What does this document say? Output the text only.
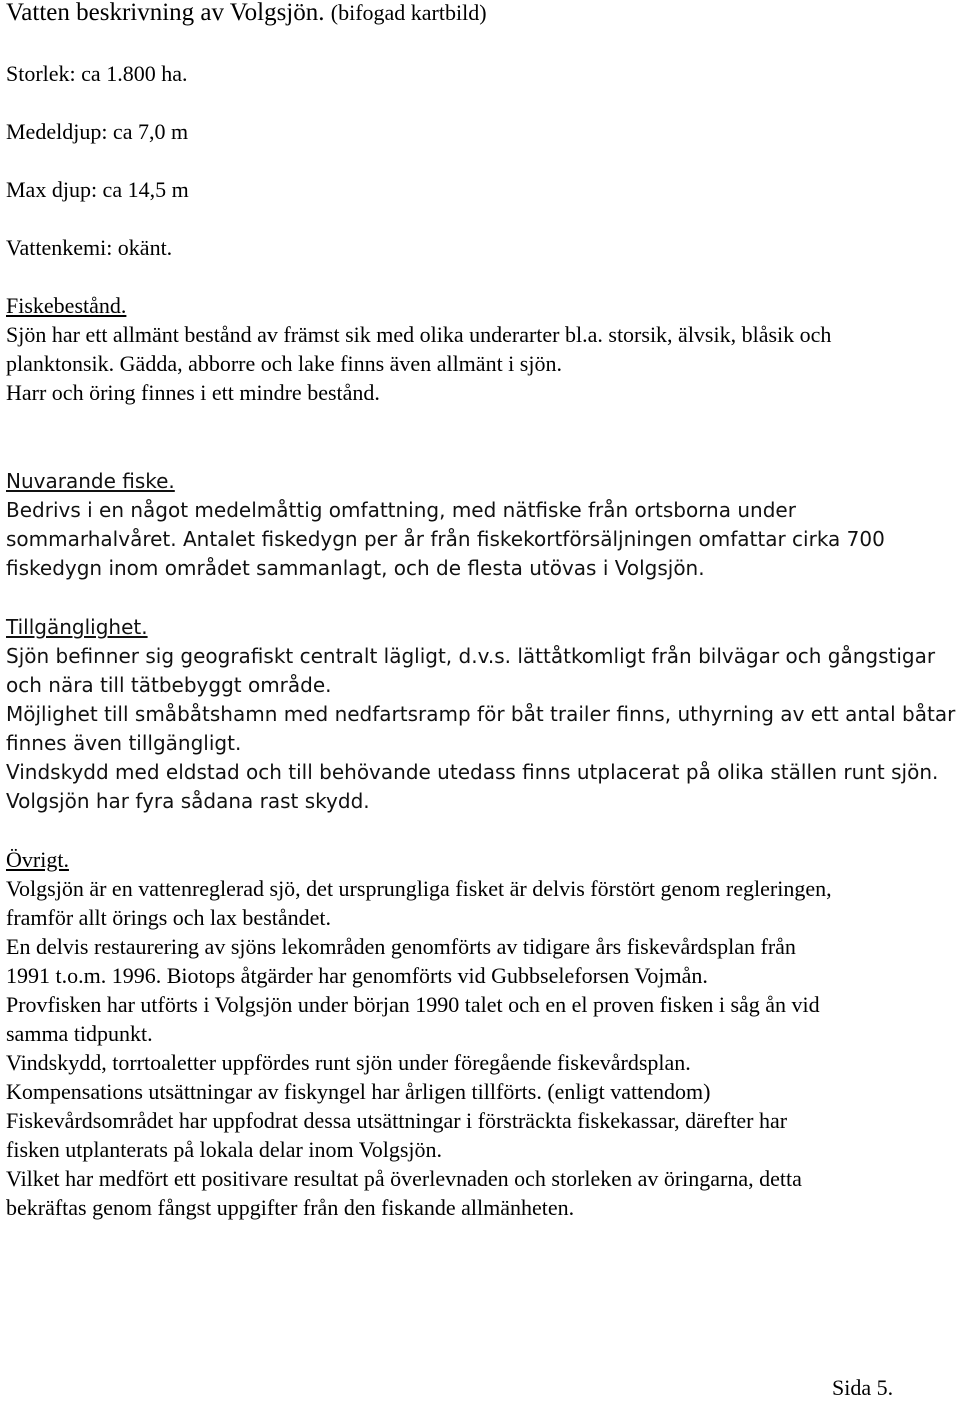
Vatten beskrivning av Volgsjön. (bifogad kartbild)
Storlek: ca 1.800 ha.
Medeldjup: ca 7,0 m
Max djup: ca 14,5 m
Vattenkemi: okänt.
Fiskebestånd.
Sjön har ett allmänt bestånd av främst sik med olika underarter bl.a. storsik, älvsik, blåsik och
planktonsik. Gädda, abborre och lake finns även allmänt i sjön.
Harr och öring finnes i ett mindre bestånd.
Nuvarande fiske.
Bedrivs i en något medelmåttig omfattning, med nätfiske från ortsborna under
sommarhalvåret. Antalet fiskedygn per år från fiskekortförsäljningen omfattar cirka 700
fiskedygn inom området sammanlagt, och de flesta utövas i Volgsjön.
Tillgänglighet.
Sjön befinner sig geografiskt centralt lägligt, d.v.s. lättåtkomligt från bilvägar och gångstigar
och nära till tätbebyggt område.
Möjlighet till småbåtshamn med nedfartsramp för båt trailer finns, uthyrning av ett antal båtar
finnes även tillgängligt.
Vindskydd med eldstad och till behövande utedass finns utplacerat på olika ställen runt sjön.
Volgsjön har fyra sådana rast skydd.
Övrigt.
Volgsjön är en vattenreglerad sjö, det ursprungliga fisket är delvis förstört genom regleringen,
framför allt örings och lax beståndet.
En delvis restaurering av sjöns lekområden genomförts av tidigare års fiskevårdsplan från
1991 t.o.m. 1996. Biotops åtgärder har genomförts vid Gubbseleforsen Vojmån.
Provfisken har utförts i Volgsjön under början 1990 talet och en el proven fisken i såg ån vid
samma tidpunkt.
Vindskydd, torrtoaletter uppfördes runt sjön under föregående fiskevårdsplan.
Kompensations utsättningar av fiskyngel har årligen tillförts. (enligt vattendom)
Fiskevårdsområdet har uppfodrat dessa utsättningar i försträckta fiskekassar, därefter har
fisken utplanterats på lokala delar inom Volgsjön.
Vilket har medfört ett positivare resultat på överlevnaden och storleken av öringarna, detta
bekräftas genom fångst uppgifter från den fiskande allmänheten.
Sida 5.
